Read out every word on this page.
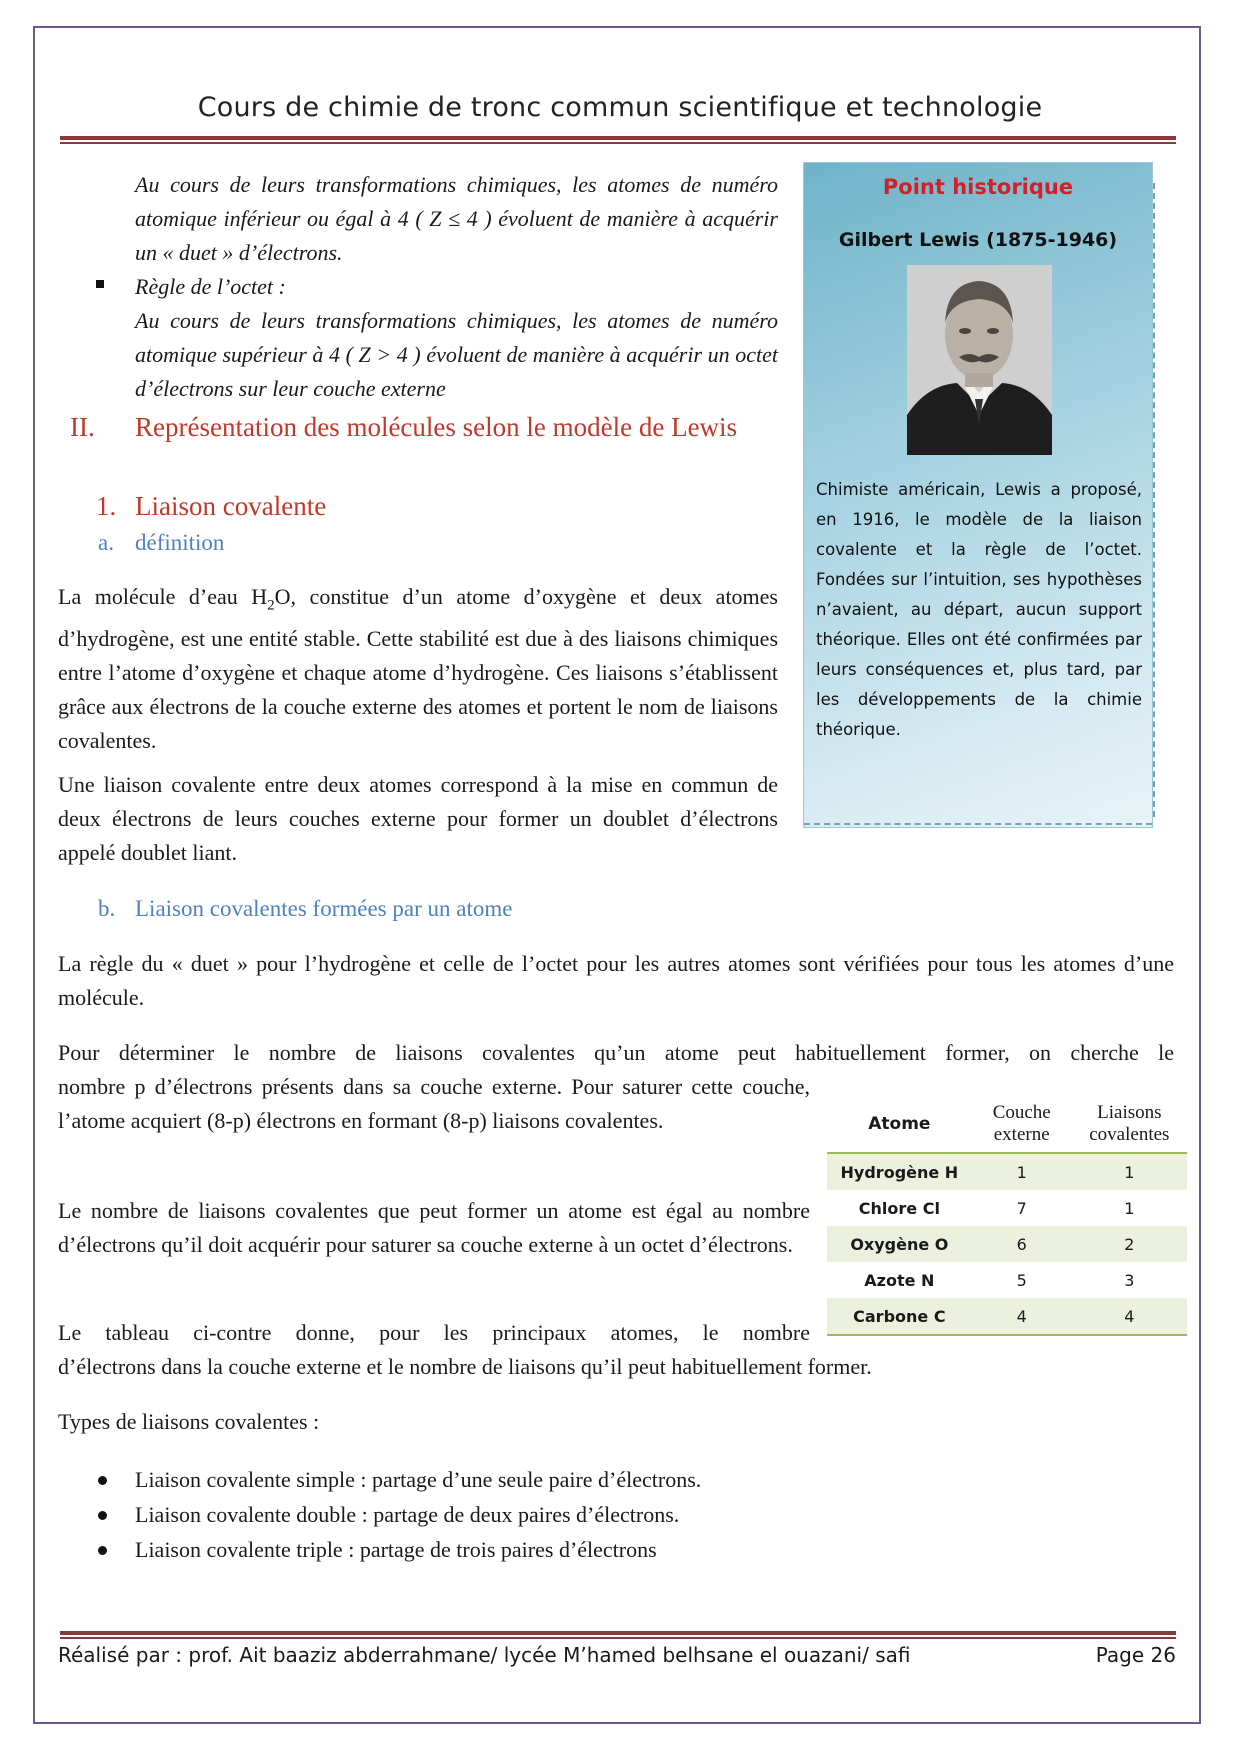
Cours de chimie de tronc commun scientifique et technologie
Au cours de leurs transformations chimiques, les atomes de numéro atomique inférieur ou égal à 4 ( Z ≤ 4 ) évoluent de manière à acquérir un « duet » d’électrons.
Règle de l’octet :
Au cours de leurs transformations chimiques, les atomes de numéro atomique supérieur à 4 ( Z > 4 ) évoluent de manière à acquérir un octet d’électrons sur leur couche externe
II. Représentation des molécules selon le modèle de Lewis
1. Liaison covalente
a. définition
La molécule d’eau $H_2O$, constitue d’un atome d’oxygène et deux atomes d’hydrogène, est une entité stable. Cette stabilité est due à des liaisons chimiques entre l’atome d’oxygène et chaque atome d’hydrogène. Ces liaisons s’établissent grâce aux électrons de la couche externe des atomes et portent le nom de liaisons covalentes.
Une liaison covalente entre deux atomes correspond à la mise en commun de deux électrons de leurs couches externe pour former un doublet d’électrons appelé doublet liant.
Point historique
Gilbert Lewis (1875-1946)
Chimiste américain, Lewis a proposé, en 1916, le modèle de la liaison covalente et la règle de l’octet. Fondées sur l’intuition, ses hypothèses n’avaient, au départ, aucun support théorique. Elles ont été confirmées par leurs conséquences et, plus tard, par les développements de la chimie théorique.
b. Liaison covalentes formées par un atome
La règle du « duet » pour l’hydrogène et celle de l’octet pour les autres atomes sont vérifiées pour tous les atomes d’une molécule.
Pour déterminer le nombre de liaisons covalentes qu’un atome peut habituellement former, on cherche le
nombre p d’électrons présents dans sa couche externe. Pour saturer cette couche, l’atome acquiert (8-p) électrons en formant (8-p) liaisons covalentes.
Le nombre de liaisons covalentes que peut former un atome est égal au nombre d’électrons qu’il doit acquérir pour saturer sa couche externe à un octet d’électrons.
Le tableau ci-contre donne, pour les principaux atomes, le nombre
d’électrons dans la couche externe et le nombre de liaisons qu’il peut habituellement former.
Atome	Couche externe	Liaisons covalentes
Hydrogène H	1	1
Chlore Cl	7	1
Oxygène O	6	2
Azote N	5	3
Carbone C	4	4
Types de liaisons covalentes :
Liaison covalente simple : partage d’une seule paire d’électrons.
Liaison covalente double : partage de deux paires d’électrons.
Liaison covalente triple : partage de trois paires d’électrons
Réalisé par : prof. Ait baaziz abderrahmane/ lycée M’hamed belhsane el ouazani/ safi	Page 26
